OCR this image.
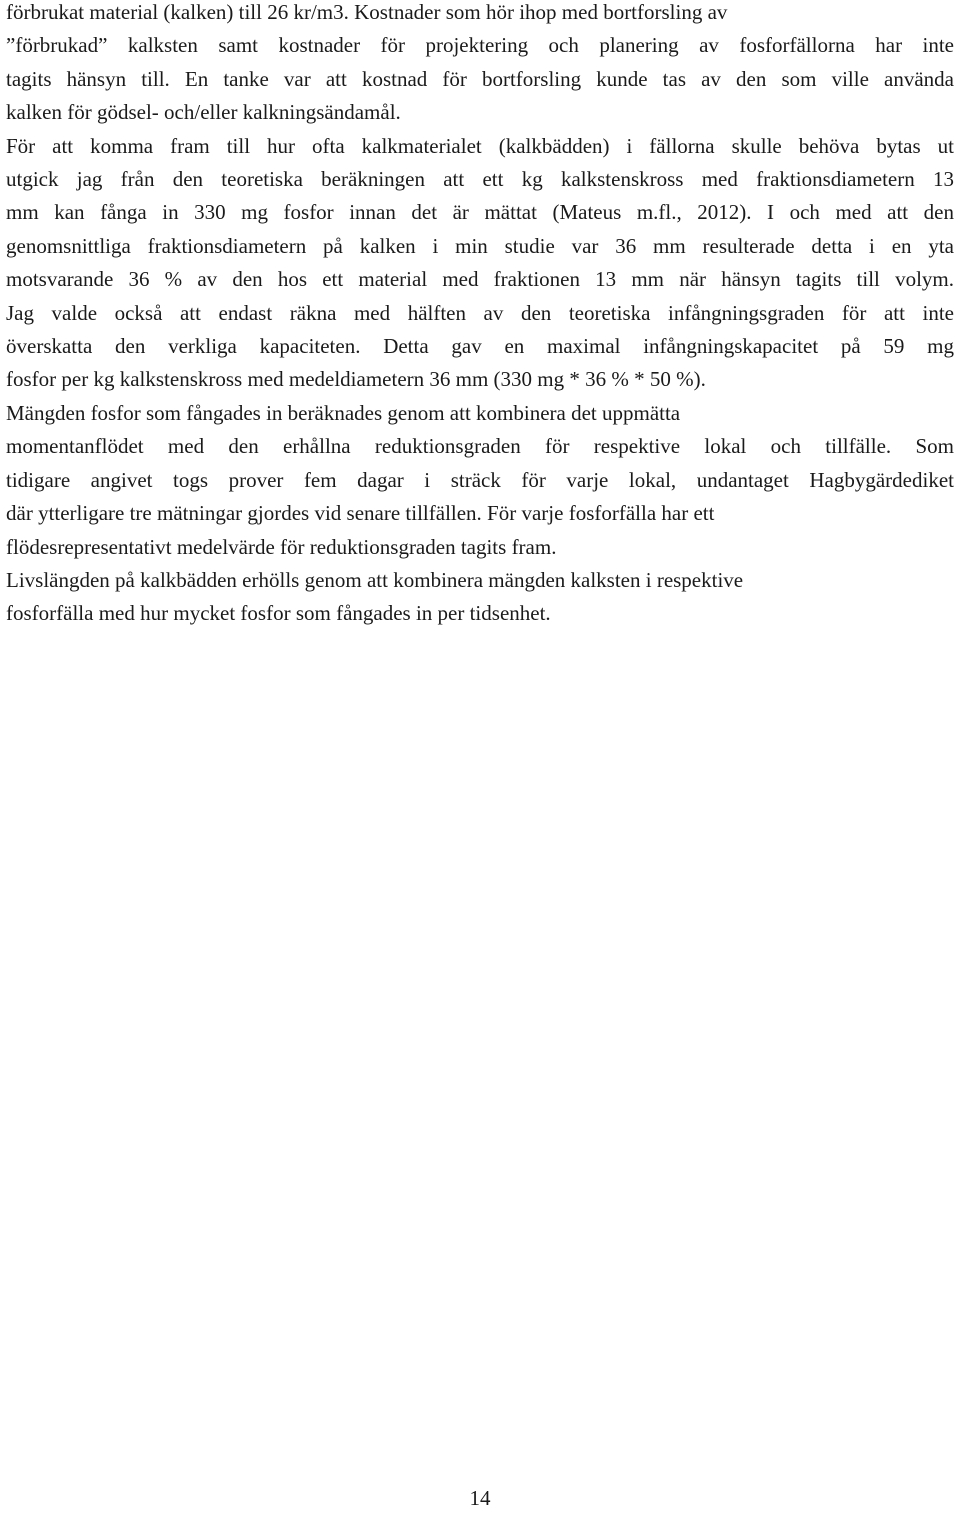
förbrukat material (kalken) till 26 kr/m3. Kostnader som hör ihop med bortforsling av
”förbrukad” kalksten samt kostnader för projektering och planering av fosforfällorna har inte
tagits hänsyn till. En tanke var att kostnad för bortforsling kunde tas av den som ville använda
kalken för gödsel- och/eller kalkningsändamål.
För att komma fram till hur ofta kalkmaterialet (kalkbädden) i fällorna skulle behöva bytas ut
utgick jag från den teoretiska beräkningen att ett kg kalkstenskross med fraktionsdiametern 13
mm kan fånga in 330 mg fosfor innan det är mättat (Mateus m.fl., 2012). I och med att den
genomsnittliga fraktionsdiametern på kalken i min studie var 36 mm resulterade detta i en yta
motsvarande 36 % av den hos ett material med fraktionen 13 mm när hänsyn tagits till volym.
Jag valde också att endast räkna med hälften av den teoretiska infångningsgraden för att inte
överskatta den verkliga kapaciteten. Detta gav en maximal infångningskapacitet på 59 mg
fosfor per kg kalkstenskross med medeldiametern 36 mm (330 mg * 36 % * 50 %).
Mängden fosfor som fångades in beräknades genom att kombinera det uppmätta
momentanflödet med den erhållna reduktionsgraden för respektive lokal och tillfälle. Som
tidigare angivet togs prover fem dagar i sträck för varje lokal, undantaget Hagbygärdediket
där ytterligare tre mätningar gjordes vid senare tillfällen. För varje fosforfälla har ett
flödesrepresentativt medelvärde för reduktionsgraden tagits fram.
Livslängden på kalkbädden erhölls genom att kombinera mängden kalksten i respektive
fosforfälla med hur mycket fosfor som fångades in per tidsenhet.
14
